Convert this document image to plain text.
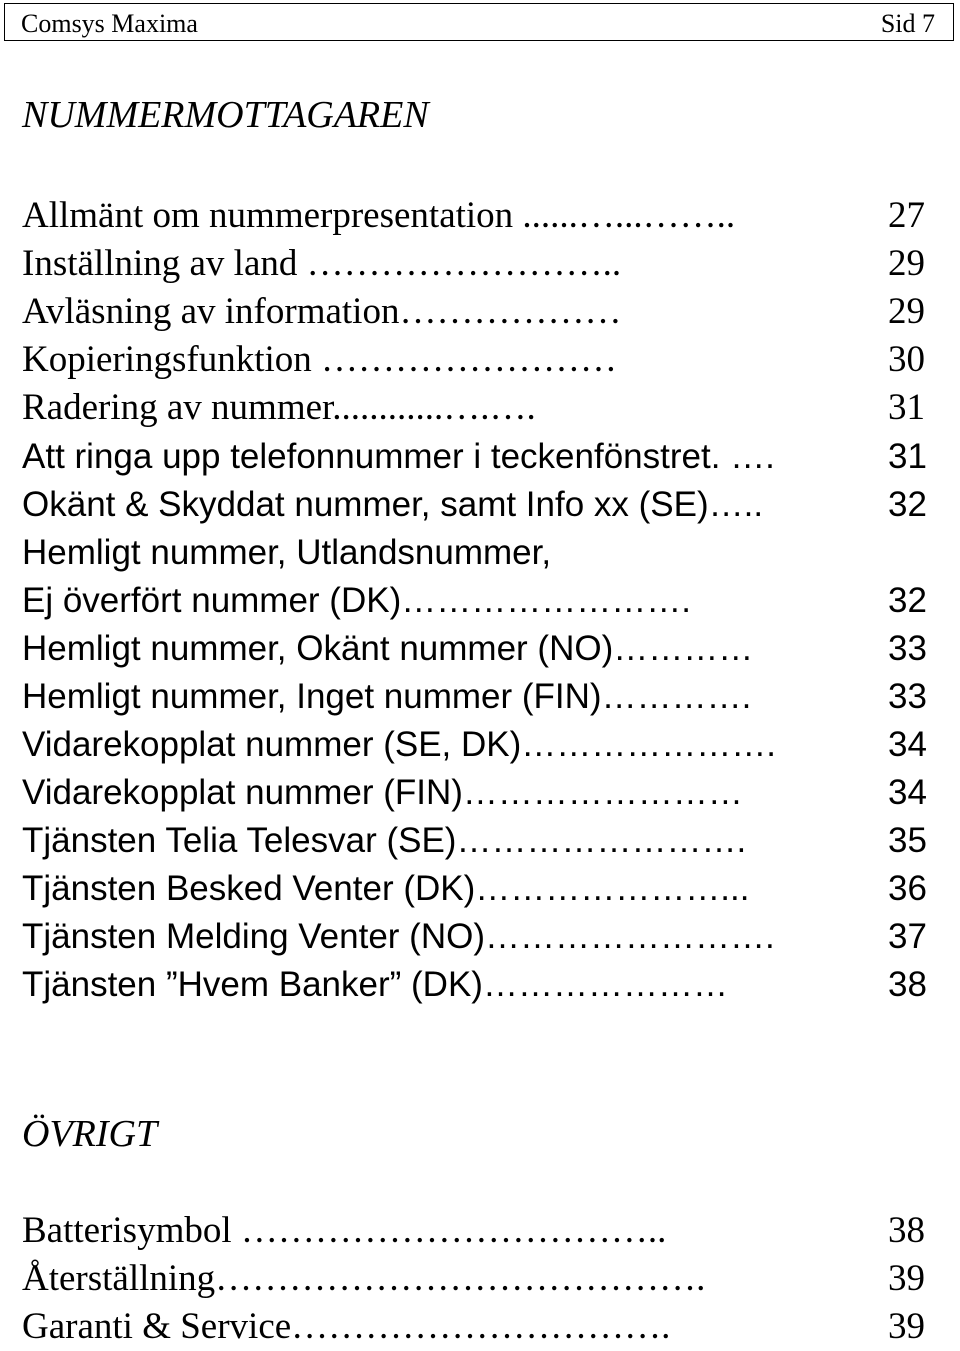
Comsys Maxima	Sid 7
NUMMERMOTTAGAREN
Allmänt om nummerpresentation ......…...……..	27
Inställning av land ……………………..	29
Avläsning av information………………	29
Kopieringsfunktion ……………………	30
Radering av nummer............….….	31
Att ringa upp telefonnummer i teckenfönstret. ….	31
Okänt & Skyddat nummer, samt Info xx (SE)…..	32
Hemligt nummer, Utlandsnummer,
Ej överfört nummer (DK)…………………….	32
Hemligt nummer, Okänt nummer (NO)…………	33
Hemligt nummer, Inget nummer (FIN)………….	33
Vidarekopplat nummer (SE, DK)………………….	34
Vidarekopplat nummer (FIN)……………………	34
Tjänsten Telia Telesvar (SE)…………………….	35
Tjänsten Besked Venter (DK)…………………...	36
Tjänsten Melding Venter (NO)…………………….	37
Tjänsten ”Hvem Banker” (DK)…………………	38
ÖVRIGT
Batterisymbol ……………………………..	38
Återställning………………………………….	39
Garanti & Service………………………….	39
